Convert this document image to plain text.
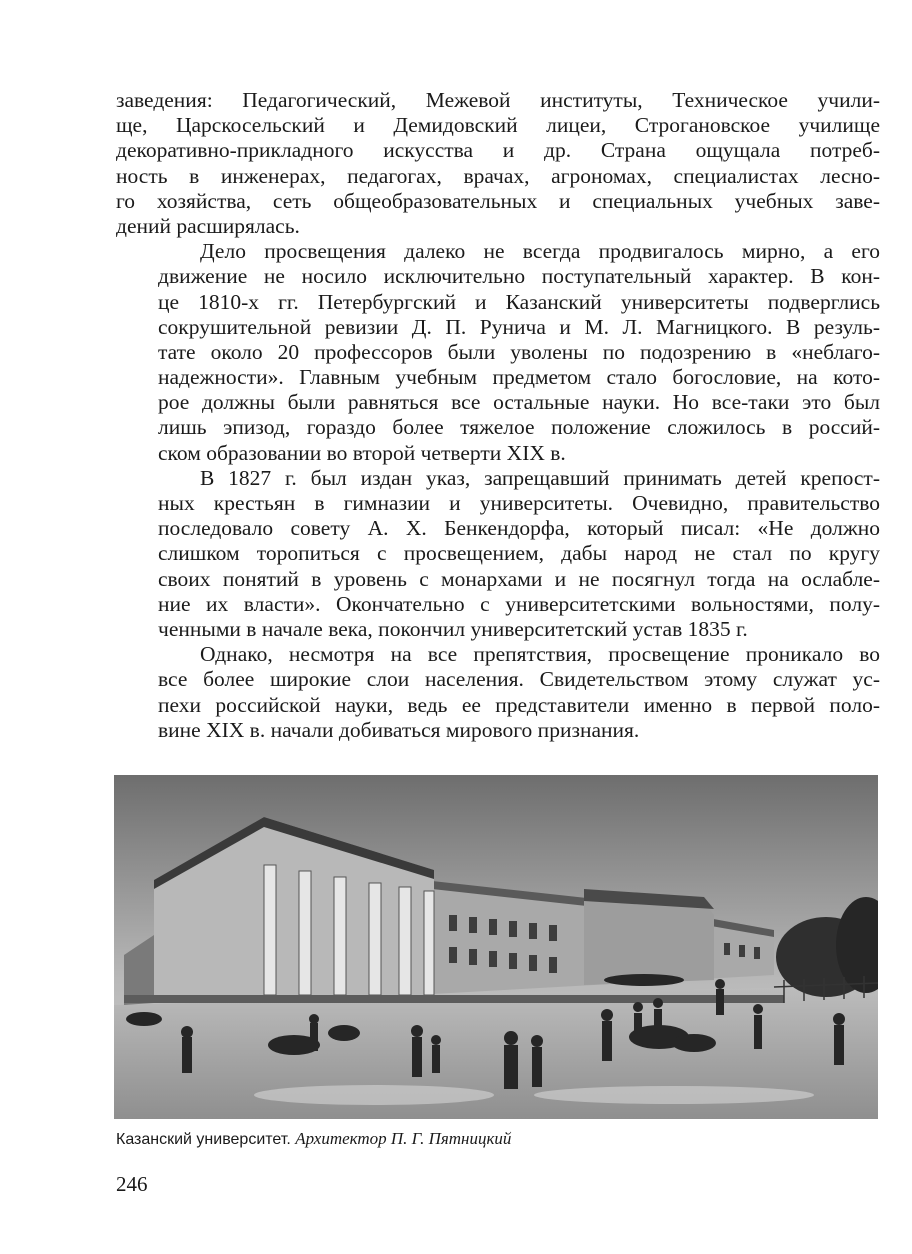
заведения: Педагогический, Межевой институты, Техническое учили-
ще, Царскосельский и Демидовский лицеи, Строгановское училище
декоративно-прикладного искусства и др. Страна ощущала потреб-
ность в инженерах, педагогах, врачах, агрономах, специалистах лесно-
го хозяйства, сеть общеобразовательных и специальных учебных заве-
дений расширялась.

Дело просвещения далеко не всегда продвигалось мирно, а его
движение не носило исключительно поступательный характер. В кон-
це 1810-х гг. Петербургский и Казанский университеты подверглись
сокрушительной ревизии Д. П. Рунича и М. Л. Магницкого. В резуль-
тате около 20 профессоров были уволены по подозрению в «неблаго-
надежности». Главным учебным предметом стало богословие, на кото-
рое должны были равняться все остальные науки. Но все-таки это был
лишь эпизод, гораздо более тяжелое положение сложилось в россий-
ском образовании во второй четверти XIX в.

В 1827 г. был издан указ, запрещавший принимать детей крепост-
ных крестьян в гимназии и университеты. Очевидно, правительство
последовало совету А. Х. Бенкендорфа, который писал: «Не должно
слишком торопиться с просвещением, дабы народ не стал по кругу
своих понятий в уровень с монархами и не посягнул тогда на ослабле-
ние их власти». Окончательно с университетскими вольностями, полу-
ченными в начале века, покончил университетский устав 1835 г.

Однако, несмотря на все препятствия, просвещение проникало во
все более широкие слои населения. Свидетельством этому служат ус-
пехи российской науки, ведь ее представители именно в первой поло-
вине XIX в. начали добиваться мирового признания.

Казанский университет. Архитектор П. Г. Пятницкий
246
